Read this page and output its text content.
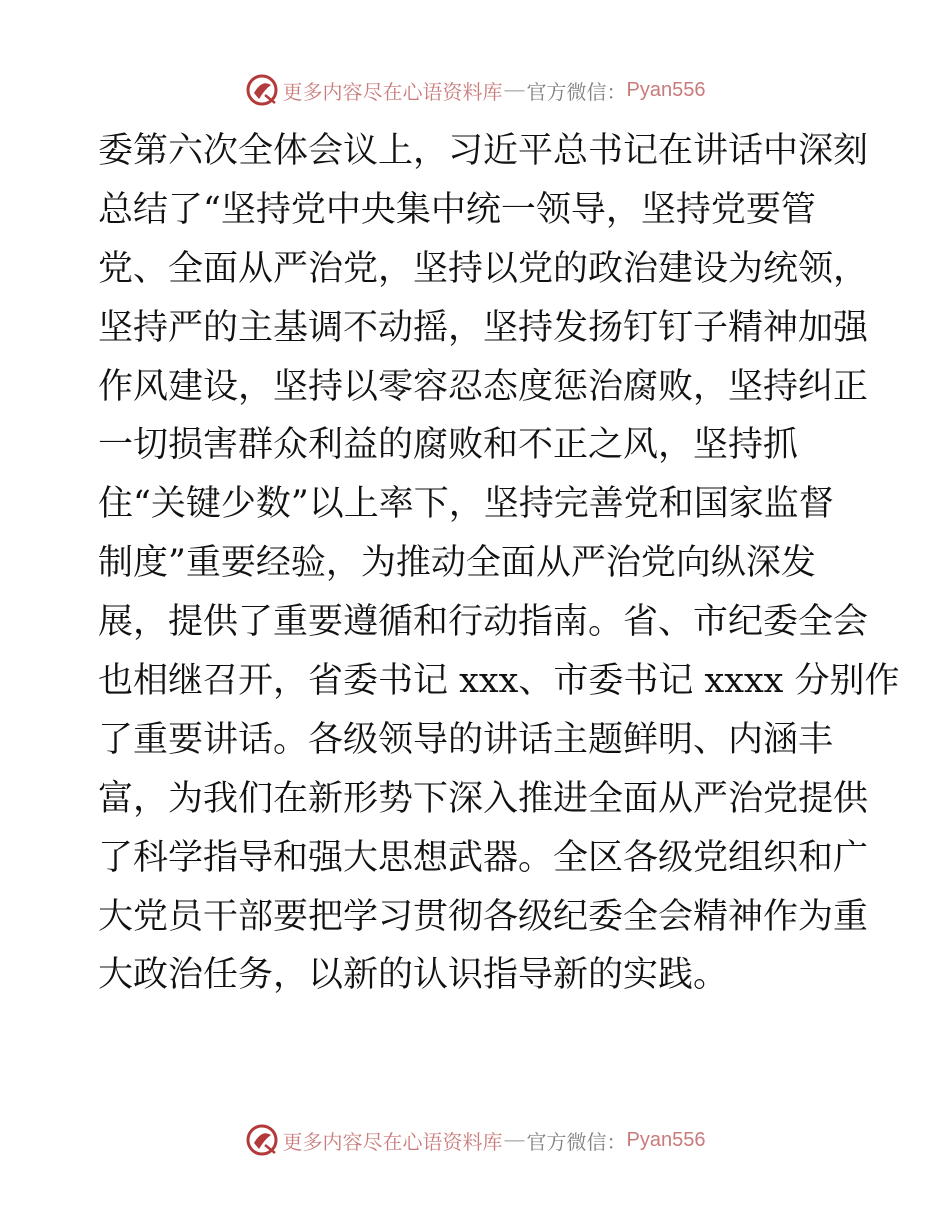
更多内容尽在心语资料库 — 官方微信： Pyan556
委第六次全体会议上，习近平总书记在讲话中深刻
总结了“坚持党中央集中统一领导，坚持党要管
党、全面从严治党，坚持以党的政治建设为统领，
坚持严的主基调不动摇，坚持发扬钉钉子精神加强
作风建设，坚持以零容忍态度惩治腐败，坚持纠正
一切损害群众利益的腐败和不正之风，坚持抓
住“关键少数”以上率下，坚持完善党和国家监督
制度”重要经验，为推动全面从严治党向纵深发
展，提供了重要遵循和行动指南。省、市纪委全会
也相继召开，省委书记 xxx、市委书记 xxxx 分别作
了重要讲话。各级领导的讲话主题鲜明、内涵丰
富，为我们在新形势下深入推进全面从严治党提供
了科学指导和强大思想武器。全区各级党组织和广
大党员干部要把学习贯彻各级纪委全会精神作为重
大政治任务，以新的认识指导新的实践。
更多内容尽在心语资料库 — 官方微信： Pyan556
